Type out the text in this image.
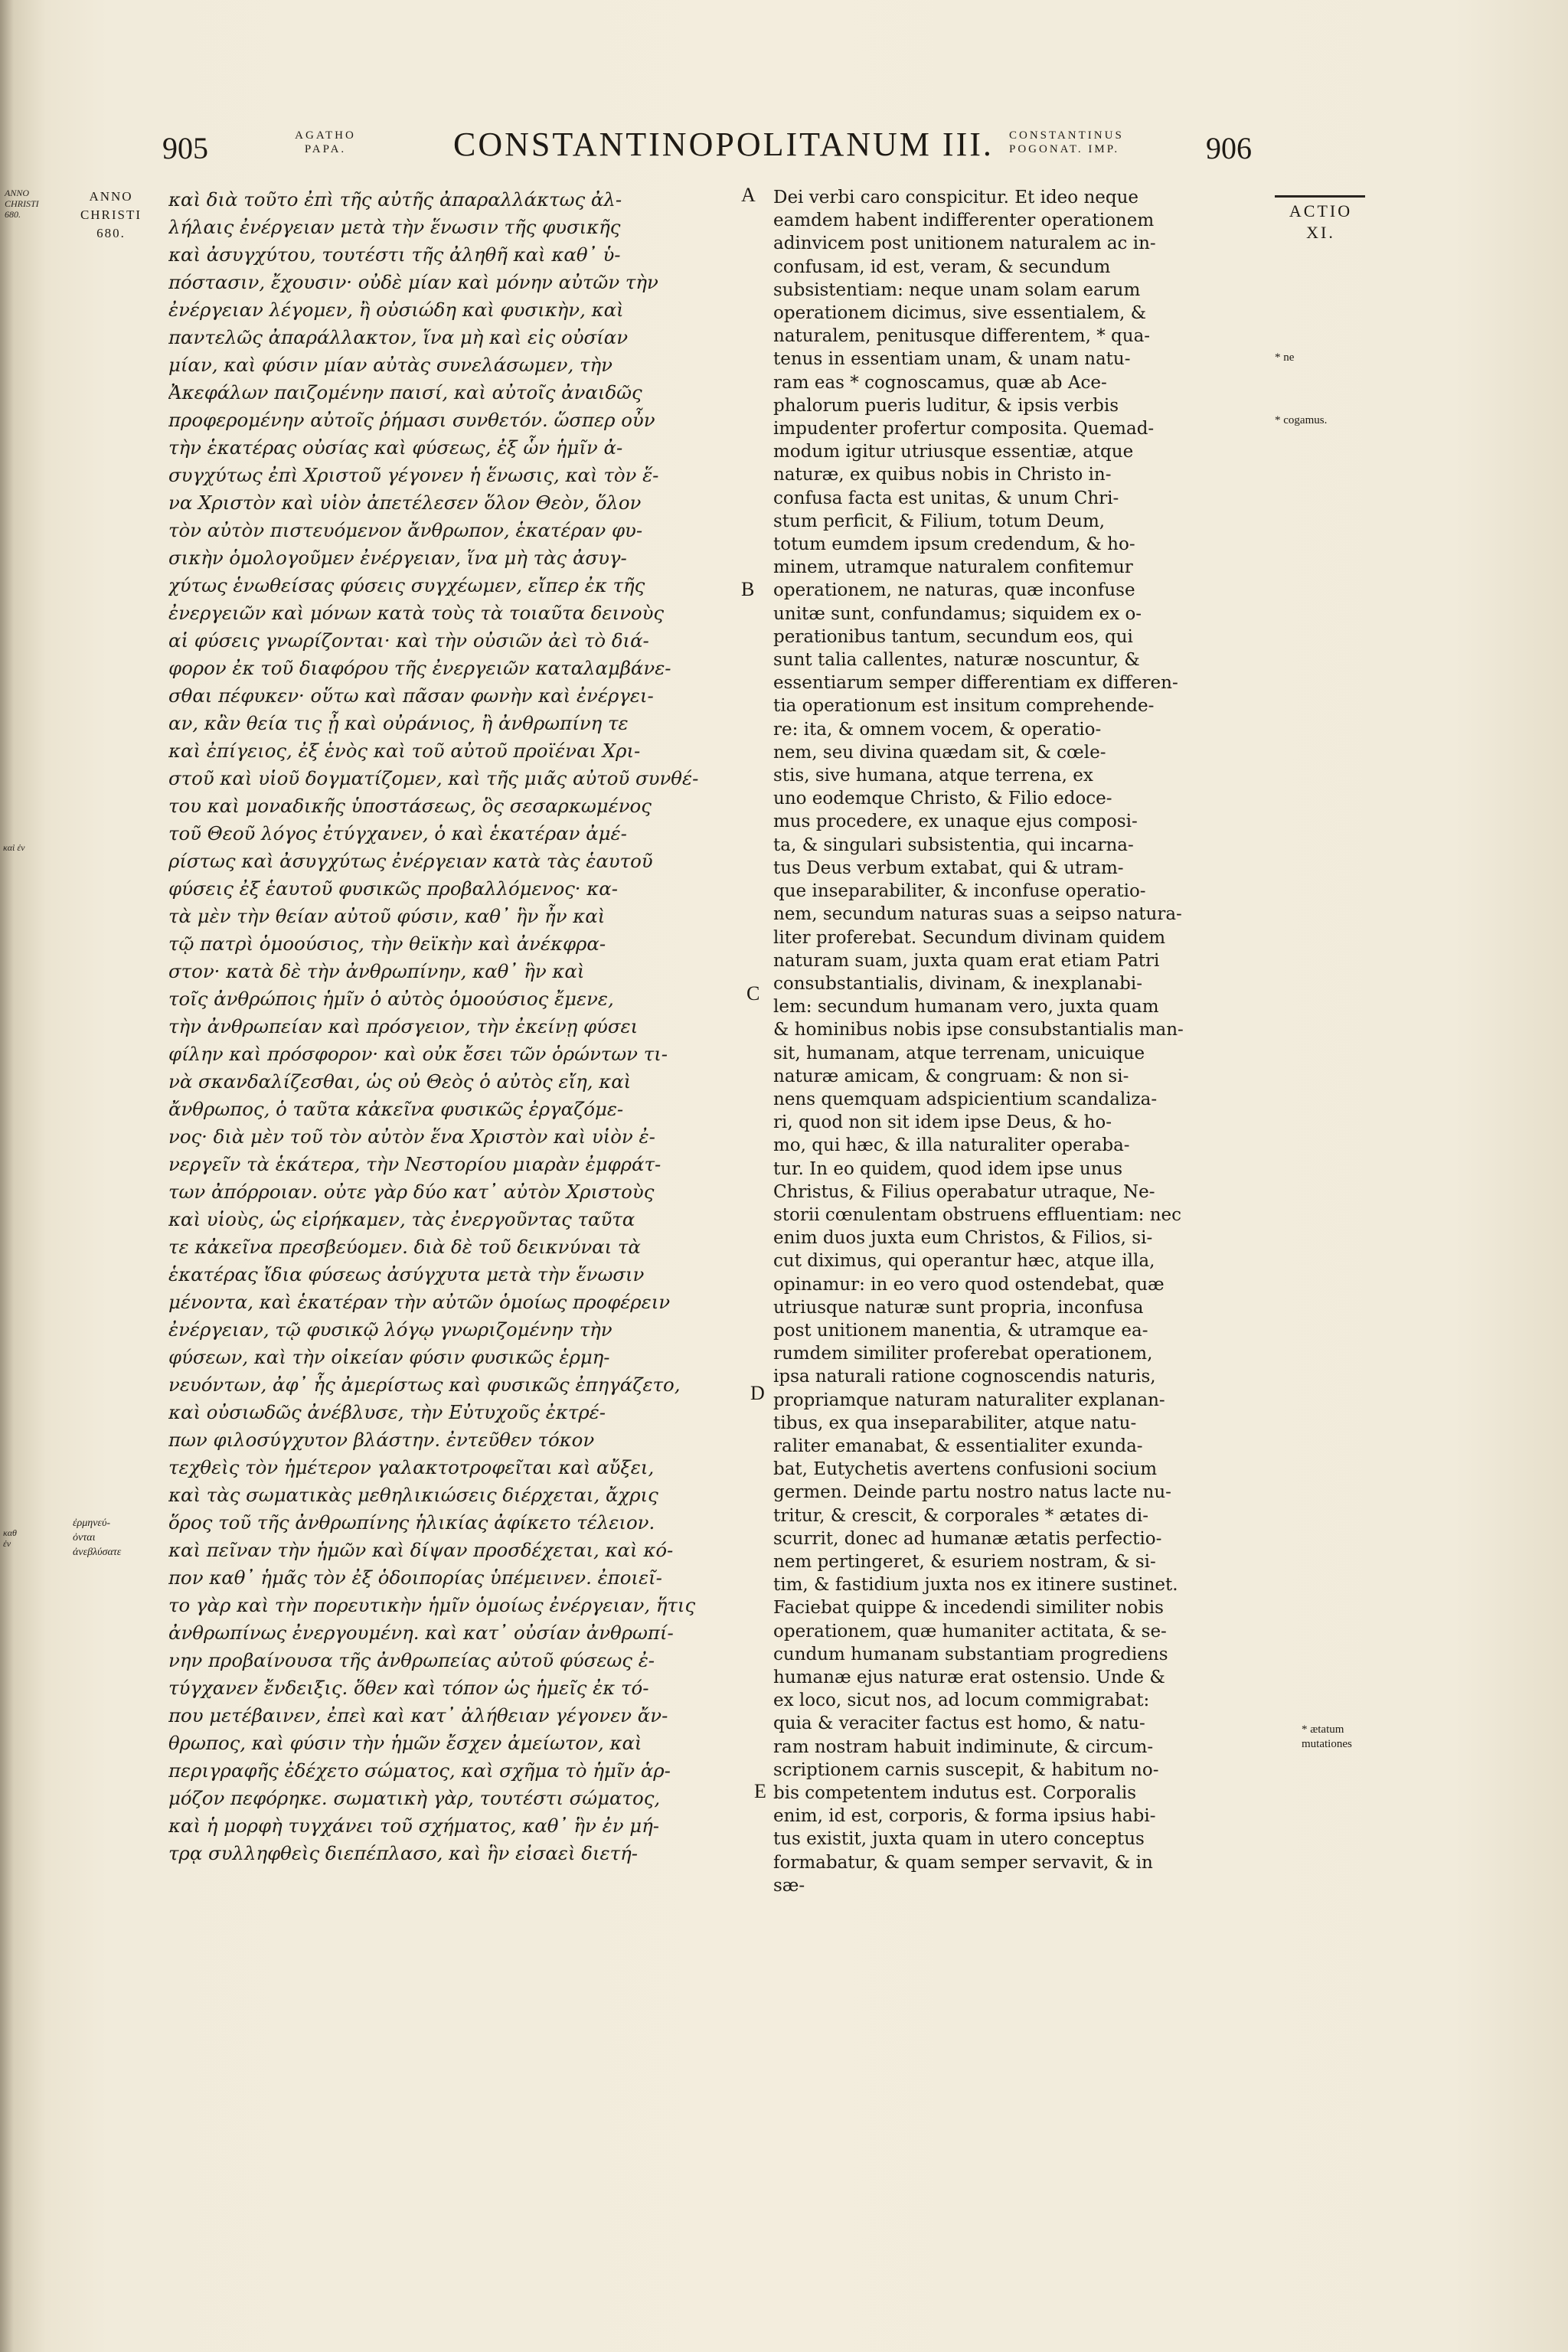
ANNO CHRISTI 680.
καὶ ἐν
καθ ἐν
905	AGATHO
PAPA.	CONSTANTINOPOLITANUM III. CONSTANTINUS
POGONAT. IMP.	906
ANNO
CHRISTI
680.
ἐρμηνεύ-
ὀνται
ἀνεβλύσατε
καὶ διὰ τοῦτο ἐπὶ τῆς αὐτῆς ἀπαραλλάκτως ἀλ-
λήλαις ἐνέργειαν μετὰ τὴν ἕνωσιν τῆς φυσικῆς
καὶ ἀσυγχύτου, τουτέστι τῆς ἀληθῆ καὶ καθ᾽ ὑ-
πόστασιν, ἔχουσιν· οὐδὲ μίαν καὶ μόνην αὐτῶν τὴν
ἐνέργειαν λέγομεν, ἢ οὐσιώδη καὶ φυσικὴν, καὶ
παντελῶς ἀπαράλλακτον, ἵνα μὴ καὶ εἰς οὐσίαν
μίαν, καὶ φύσιν μίαν αὐτὰς συνελάσωμεν, τὴν
Ἀκεφάλων παιζομένην παισί, καὶ αὐτοῖς ἀναιδῶς
προφερομένην αὐτοῖς ῥήμασι συνθετόν. ὥσπερ οὖν
τὴν ἑκατέρας οὐσίας καὶ φύσεως, ἐξ ὧν ἡμῖν ἀ-
συγχύτως ἐπὶ Χριστοῦ γέγονεν ἡ ἕνωσις, καὶ τὸν ἕ-
να Χριστὸν καὶ υἱὸν ἀπετέλεσεν ὅλον Θεὸν, ὅλον
τὸν αὐτὸν πιστευόμενον ἄνθρωπον, ἑκατέραν φυ-
σικὴν ὁμολογοῦμεν ἐνέργειαν, ἵνα μὴ τὰς ἀσυγ-
χύτως ἑνωθείσας φύσεις συγχέωμεν, εἴπερ ἐκ τῆς
ἐνεργειῶν καὶ μόνων κατὰ τοὺς τὰ τοιαῦτα δεινοὺς
αἱ φύσεις γνωρίζονται· καὶ τὴν οὐσιῶν ἀεὶ τὸ διά-
φορον ἐκ τοῦ διαφόρου τῆς ἐνεργειῶν καταλαμβάνε-
σθαι πέφυκεν· οὕτω καὶ πᾶσαν φωνὴν καὶ ἐνέργει-
αν, κἂν θεία τις ᾖ καὶ οὐράνιος, ἢ ἀνθρωπίνη τε
καὶ ἐπίγειος, ἐξ ἑνὸς καὶ τοῦ αὐτοῦ προϊέναι Χρι-
στοῦ καὶ υἱοῦ δογματίζομεν, καὶ τῆς μιᾶς αὐτοῦ συνθέ-
του καὶ μοναδικῆς ὑποστάσεως, ὃς σεσαρκωμένος
τοῦ Θεοῦ λόγος ἐτύγχανεν, ὁ καὶ ἑκατέραν ἀμέ-
ρίστως καὶ ἀσυγχύτως ἐνέργειαν κατὰ τὰς ἑαυτοῦ
φύσεις ἐξ ἑαυτοῦ φυσικῶς προβαλλόμενος· κα-
τὰ μὲν τὴν θείαν αὐτοῦ φύσιν, καθ᾽ ἣν ἦν καὶ
τῷ πατρὶ ὁμοούσιος, τὴν θεϊκὴν καὶ ἀνέκφρα-
στον· κατὰ δὲ τὴν ἀνθρωπίνην, καθ᾽ ἣν καὶ
τοῖς ἀνθρώποις ἡμῖν ὁ αὐτὸς ὁμοούσιος ἔμενε,
τὴν ἀνθρωπείαν καὶ πρόσγειον, τὴν ἐκείνῃ φύσει
φίλην καὶ πρόσφορον· καὶ οὐκ ἔσει τῶν ὁρώντων τι-
νὰ σκανδαλίζεσθαι, ὡς οὐ Θεὸς ὁ αὐτὸς εἴη, καὶ
ἄνθρωπος, ὁ ταῦτα κἀκεῖνα φυσικῶς ἐργαζόμε-
νος· διὰ μὲν τοῦ τὸν αὐτὸν ἕνα Χριστὸν καὶ υἱὸν ἐ-
νεργεῖν τὰ ἑκάτερα, τὴν Νεστορίου μιαρὰν ἐμφράτ-
των ἀπόρροιαν. οὐτε γὰρ δύο κατ᾽ αὐτὸν Χριστοὺς
καὶ υἱοὺς, ὡς εἰρήκαμεν, τὰς ἐνεργοῦντας ταῦτα
τε κἀκεῖνα πρεσβεύομεν. διὰ δὲ τοῦ δεικνύναι τὰ
ἑκατέρας ἴδια φύσεως ἀσύγχυτα μετὰ τὴν ἕνωσιν
μένοντα, καὶ ἑκατέραν τὴν αὐτῶν ὁμοίως προφέρειν
ἐνέργειαν, τῷ φυσικῷ λόγῳ γνωριζομένην τὴν
φύσεων, καὶ τὴν οἰκείαν φύσιν φυσικῶς ἑρμη-
νευόντων, ἀφ᾽ ἧς ἀμερίστως καὶ φυσικῶς ἐπηγάζετο,
καὶ οὐσιωδῶς ἀνέβλυσε, τὴν Εὐτυχοῦς ἐκτρέ-
πων φιλοσύγχυτον βλάστην. ἐντεῦθεν τόκον
τεχθεὶς τὸν ἡμέτερον γαλακτοτροφεῖται καὶ αὔξει,
καὶ τὰς σωματικὰς μεθηλικιώσεις διέρχεται, ἄχρις
ὅρος τοῦ τῆς ἀνθρωπίνης ἡλικίας ἀφίκετο τέλειον.
καὶ πεῖναν τὴν ἡμῶν καὶ δίψαν προσδέχεται, καὶ κό-
πον καθ᾽ ἡμᾶς τὸν ἐξ ὁδοιπορίας ὑπέμεινεν. ἐποιεῖ-
το γὰρ καὶ τὴν πορευτικὴν ἡμῖν ὁμοίως ἐνέργειαν, ἥτις
ἀνθρωπίνως ἐνεργουμένη. καὶ κατ᾽ οὐσίαν ἀνθρωπί-
νην προβαίνουσα τῆς ἀνθρωπείας αὐτοῦ φύσεως ἐ-
τύγχανεν ἔνδειξις. ὅθεν καὶ τόπον ὡς ἡμεῖς ἐκ τό-
που μετέβαινεν, ἐπεὶ καὶ κατ᾽ ἀλήθειαν γέγονεν ἄν-
θρωπος, καὶ φύσιν τὴν ἡμῶν ἔσχεν ἀμείωτον, καὶ
περιγραφῆς ἐδέχετο σώματος, καὶ σχῆμα τὸ ἡμῖν ἁρ-
μόζον πεφόρηκε. σωματικὴ γὰρ, τουτέστι σώματος,
καὶ ἡ μορφὴ τυγχάνει τοῦ σχήματος, καθ᾽ ἣν ἐν μή-
τρᾳ συλληφθεὶς διεπέπλασο, καὶ ἣν εἰσαεὶ διετή-
A
B
C
D
E
Dei verbi caro conspicitur. Et ideo neque
eamdem habent indifferenter operationem
adinvicem post unitionem naturalem ac in-
confusam, id est, veram, & secundum
subsistentiam: neque unam solam earum
operationem dicimus, sive essentialem, &
naturalem, penitusque differentem, * qua-
tenus in essentiam unam, & unam natu-
ram eas * cognoscamus, quæ ab Ace-
phalorum pueris luditur, & ipsis verbis
impudenter profertur composita. Quemad-
modum igitur utriusque essentiæ, atque
naturæ, ex quibus nobis in Christo in-
confusa facta est unitas, & unum Chri-
stum perficit, & Filium, totum Deum,
totum eumdem ipsum credendum, & ho-
minem, utramque naturalem confitemur
operationem, ne naturas, quæ inconfuse
unitæ sunt, confundamus; siquidem ex o-
perationibus tantum, secundum eos, qui
sunt talia callentes, naturæ noscuntur, &
essentiarum semper differentiam ex differen-
tia operationum est insitum comprehende-
re: ita, & omnem vocem, & operatio-
nem, seu divina quædam sit, & cœle-
stis, sive humana, atque terrena, ex
uno eodemque Christo, & Filio edoce-
mus procedere, ex unaque ejus composi-
ta, & singulari subsistentia, qui incarna-
tus Deus verbum extabat, qui & utram-
que inseparabiliter, & inconfuse operatio-
nem, secundum naturas suas a seipso natura-
liter proferebat. Secundum divinam quidem
naturam suam, juxta quam erat etiam Patri
consubstantialis, divinam, & inexplanabi-
lem: secundum humanam vero, juxta quam
& hominibus nobis ipse consubstantialis man-
sit, humanam, atque terrenam, unicuique
naturæ amicam, & congruam: & non si-
nens quemquam adspicientium scandaliza-
ri, quod non sit idem ipse Deus, & ho-
mo, qui hæc, & illa naturaliter operaba-
tur. In eo quidem, quod idem ipse unus
Christus, & Filius operabatur utraque, Ne-
storii cœnulentam obstruens effluentiam: nec
enim duos juxta eum Christos, & Filios, si-
cut diximus, qui operantur hæc, atque illa,
opinamur: in eo vero quod ostendebat, quæ
utriusque naturæ sunt propria, inconfusa
post unitionem manentia, & utramque ea-
rumdem similiter proferebat operationem,
ipsa naturali ratione cognoscendis naturis,
propriamque naturam naturaliter explanan-
tibus, ex qua inseparabiliter, atque natu-
raliter emanabat, & essentialiter exunda-
bat, Eutychetis avertens confusioni socium
germen. Deinde partu nostro natus lacte nu-
tritur, & crescit, & corporales * ætates di-
scurrit, donec ad humanæ ætatis perfectio-
nem pertingeret, & esuriem nostram, & si-
tim, & fastidium juxta nos ex itinere sustinet.
Faciebat quippe & incedendi similiter nobis
operationem, quæ humaniter actitata, & se-
cundum humanam substantiam progrediens
humanæ ejus naturæ erat ostensio. Unde &
ex loco, sicut nos, ad locum commigrabat:
quia & veraciter factus est homo, & natu-
ram nostram habuit indiminute, & circum-
scriptionem carnis suscepit, & habitum no-
bis competentem indutus est. Corporalis
enim, id est, corporis, & forma ipsius habi-
tus existit, juxta quam in utero conceptus
formabatur, & quam semper servavit, & in
sæ-
ACTIO
XI.
* ne
* cogamus.
* ætatum
mutationes
